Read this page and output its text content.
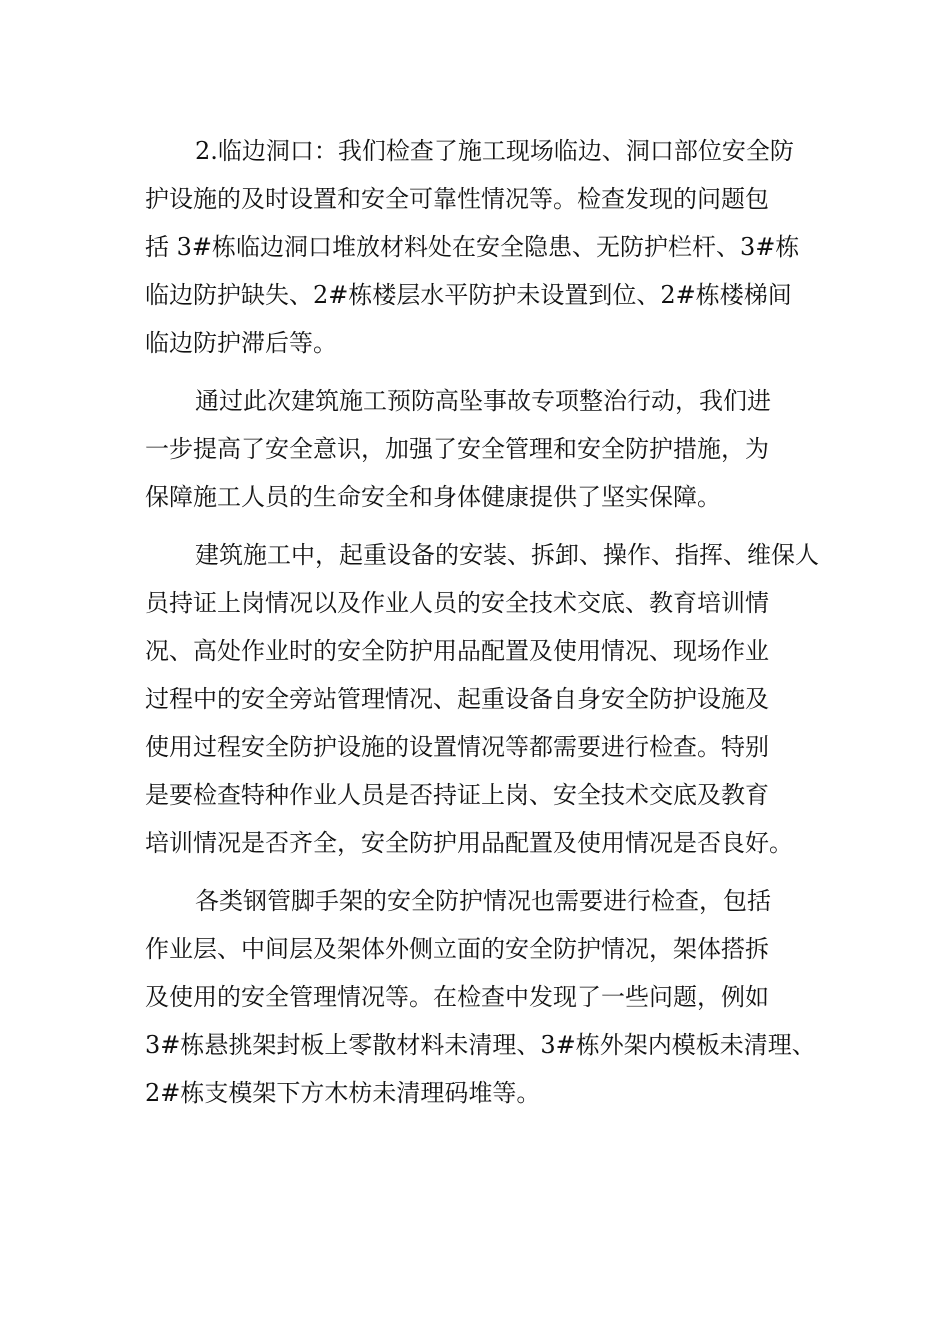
2.临边洞口：我们检查了施工现场临边、洞口部位安全防
护设施的及时设置和安全可靠性情况等。检查发现的问题包
括 3#栋临边洞口堆放材料处在安全隐患、无防护栏杆、3#栋
临边防护缺失、2#栋楼层水平防护未设置到位、2#栋楼梯间
临边防护滞后等。

通过此次建筑施工预防高坠事故专项整治行动，我们进
一步提高了安全意识，加强了安全管理和安全防护措施，为
保障施工人员的生命安全和身体健康提供了坚实保障。

建筑施工中，起重设备的安装、拆卸、操作、指挥、维保人
员持证上岗情况以及作业人员的安全技术交底、教育培训情
况、高处作业时的安全防护用品配置及使用情况、现场作业
过程中的安全旁站管理情况、起重设备自身安全防护设施及
使用过程安全防护设施的设置情况等都需要进行检查。特别
是要检查特种作业人员是否持证上岗、安全技术交底及教育
培训情况是否齐全，安全防护用品配置及使用情况是否良好。

各类钢管脚手架的安全防护情况也需要进行检查，包括
作业层、中间层及架体外侧立面的安全防护情况，架体搭拆
及使用的安全管理情况等。在检查中发现了一些问题，例如
3#栋悬挑架封板上零散材料未清理、3#栋外架内模板未清理、
2#栋支模架下方木枋未清理码堆等。
